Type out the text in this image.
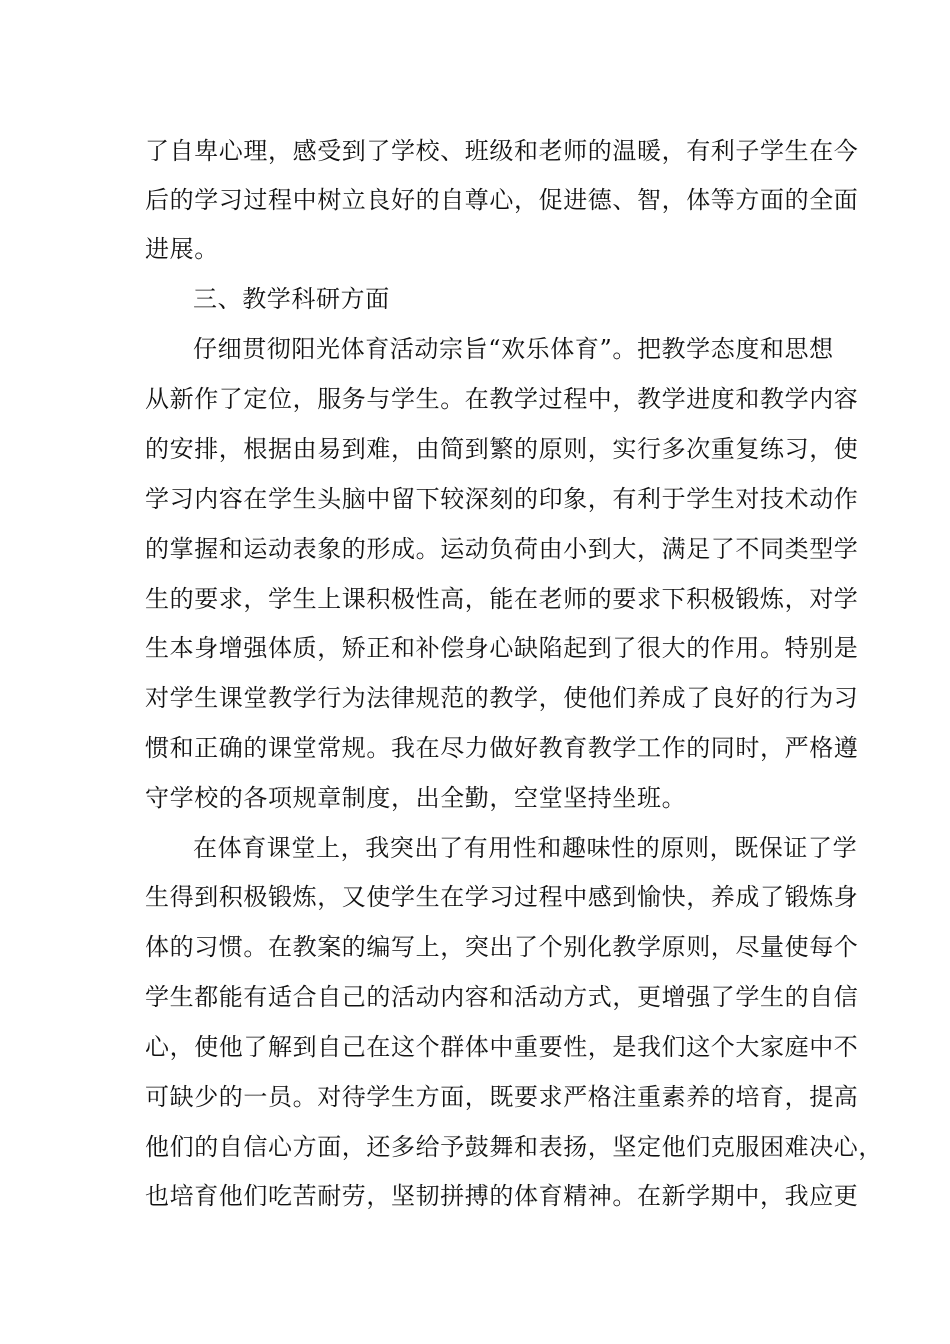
了自卑心理，感受到了学校、班级和老师的温暖，有利子学生在今
后的学习过程中树立良好的自尊心，促进德、智，体等方面的全面
进展。
三、教学科研方面
仔细贯彻阳光体育活动宗旨“欢乐体育”。把教学态度和思想
从新作了定位，服务与学生。在教学过程中，教学进度和教学内容
的安排，根据由易到难，由简到繁的原则，实行多次重复练习，使
学习内容在学生头脑中留下较深刻的印象，有利于学生对技术动作
的掌握和运动表象的形成。运动负荷由小到大，满足了不同类型学
生的要求，学生上课积极性高，能在老师的要求下积极锻炼，对学
生本身增强体质，矫正和补偿身心缺陷起到了很大的作用。特别是
对学生课堂教学行为法律规范的教学，使他们养成了良好的行为习
惯和正确的课堂常规。我在尽力做好教育教学工作的同时，严格遵
守学校的各项规章制度，出全勤，空堂坚持坐班。
在体育课堂上，我突出了有用性和趣味性的原则，既保证了学
生得到积极锻炼，又使学生在学习过程中感到愉快，养成了锻炼身
体的习惯。在教案的编写上，突出了个别化教学原则，尽量使每个
学生都能有适合自己的活动内容和活动方式，更增强了学生的自信
心，使他了解到自己在这个群体中重要性，是我们这个大家庭中不
可缺少的一员。对待学生方面，既要求严格注重素养的培育，提高
他们的自信心方面，还多给予鼓舞和表扬，坚定他们克服困难决心，
也培育他们吃苦耐劳，坚韧拼搏的体育精神。在新学期中，我应更
